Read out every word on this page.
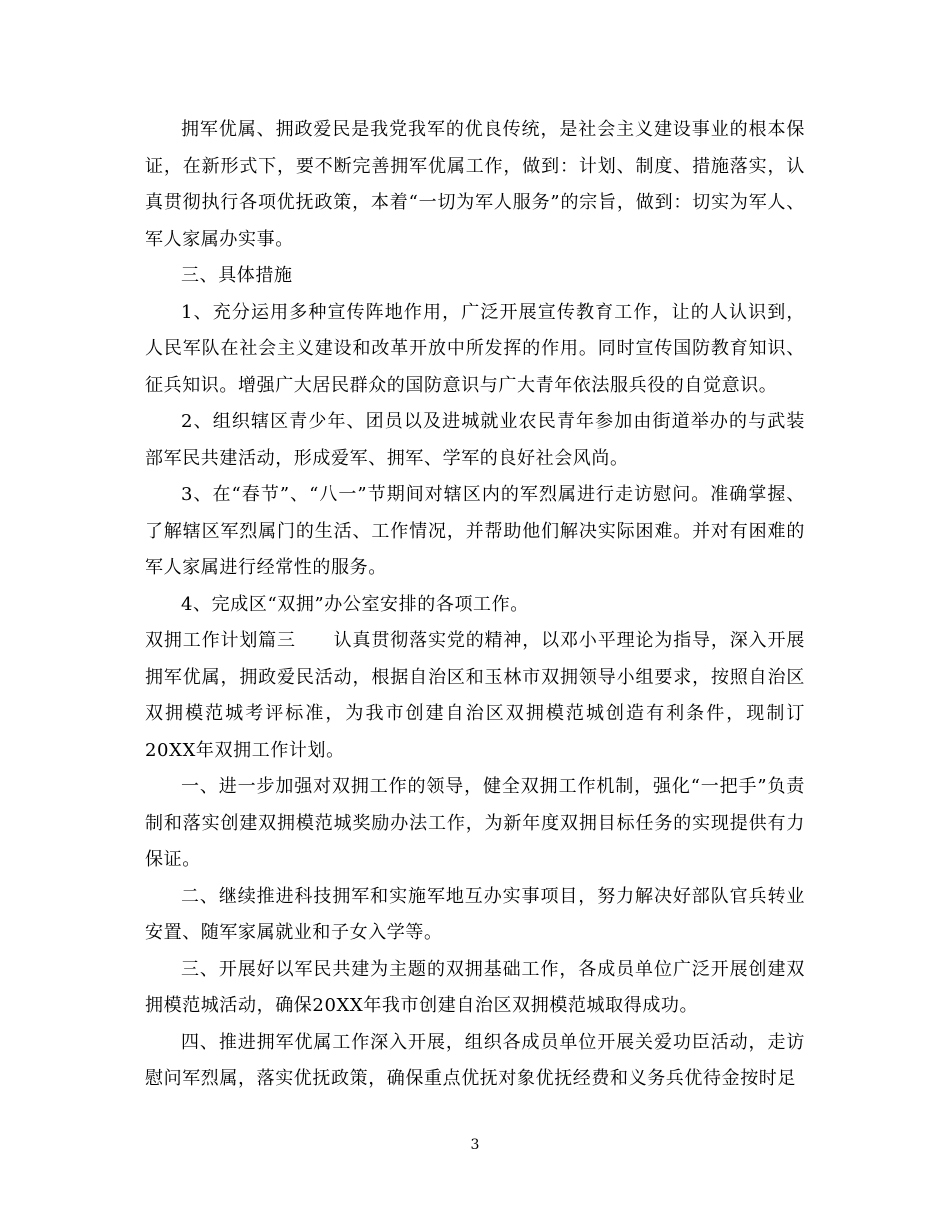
拥军优属、拥政爱民是我党我军的优良传统，是社会主义建设事业的根本保证，在新形式下，要不断完善拥军优属工作，做到：计划、制度、措施落实，认真贯彻执行各项优抚政策，本着“一切为军人服务”的宗旨，做到：切实为军人、军人家属办实事。

三、具体措施

1、充分运用多种宣传阵地作用，广泛开展宣传教育工作，让的人认识到，人民军队在社会主义建设和改革开放中所发挥的作用。同时宣传国防教育知识、征兵知识。增强广大居民群众的国防意识与广大青年依法服兵役的自觉意识。

2、组织辖区青少年、团员以及进城就业农民青年参加由街道举办的与武装部军民共建活动，形成爱军、拥军、学军的良好社会风尚。

3、在“春节”、“八一”节期间对辖区内的军烈属进行走访慰问。准确掌握、了解辖区军烈属门的生活、工作情况，并帮助他们解决实际困难。并对有困难的军人家属进行经常性的服务。

4、完成区“双拥”办公室安排的各项工作。

双拥工作计划篇三　　认真贯彻落实党的精神，以邓小平理论为指导，深入开展拥军优属，拥政爱民活动，根据自治区和玉林市双拥领导小组要求，按照自治区双拥模范城考评标准，为我市创建自治区双拥模范城创造有利条件，现制订20XX年双拥工作计划。

一、进一步加强对双拥工作的领导，健全双拥工作机制，强化“一把手”负责制和落实创建双拥模范城奖励办法工作，为新年度双拥目标任务的实现提供有力保证。

二、继续推进科技拥军和实施军地互办实事项目，努力解决好部队官兵转业安置、随军家属就业和子女入学等。

三、开展好以军民共建为主题的双拥基础工作，各成员单位广泛开展创建双拥模范城活动，确保20XX年我市创建自治区双拥模范城取得成功。

四、推进拥军优属工作深入开展，组织各成员单位开展关爱功臣活动，走访慰问军烈属，落实优抚政策，确保重点优抚对象优抚经费和义务兵优待金按时足

3
